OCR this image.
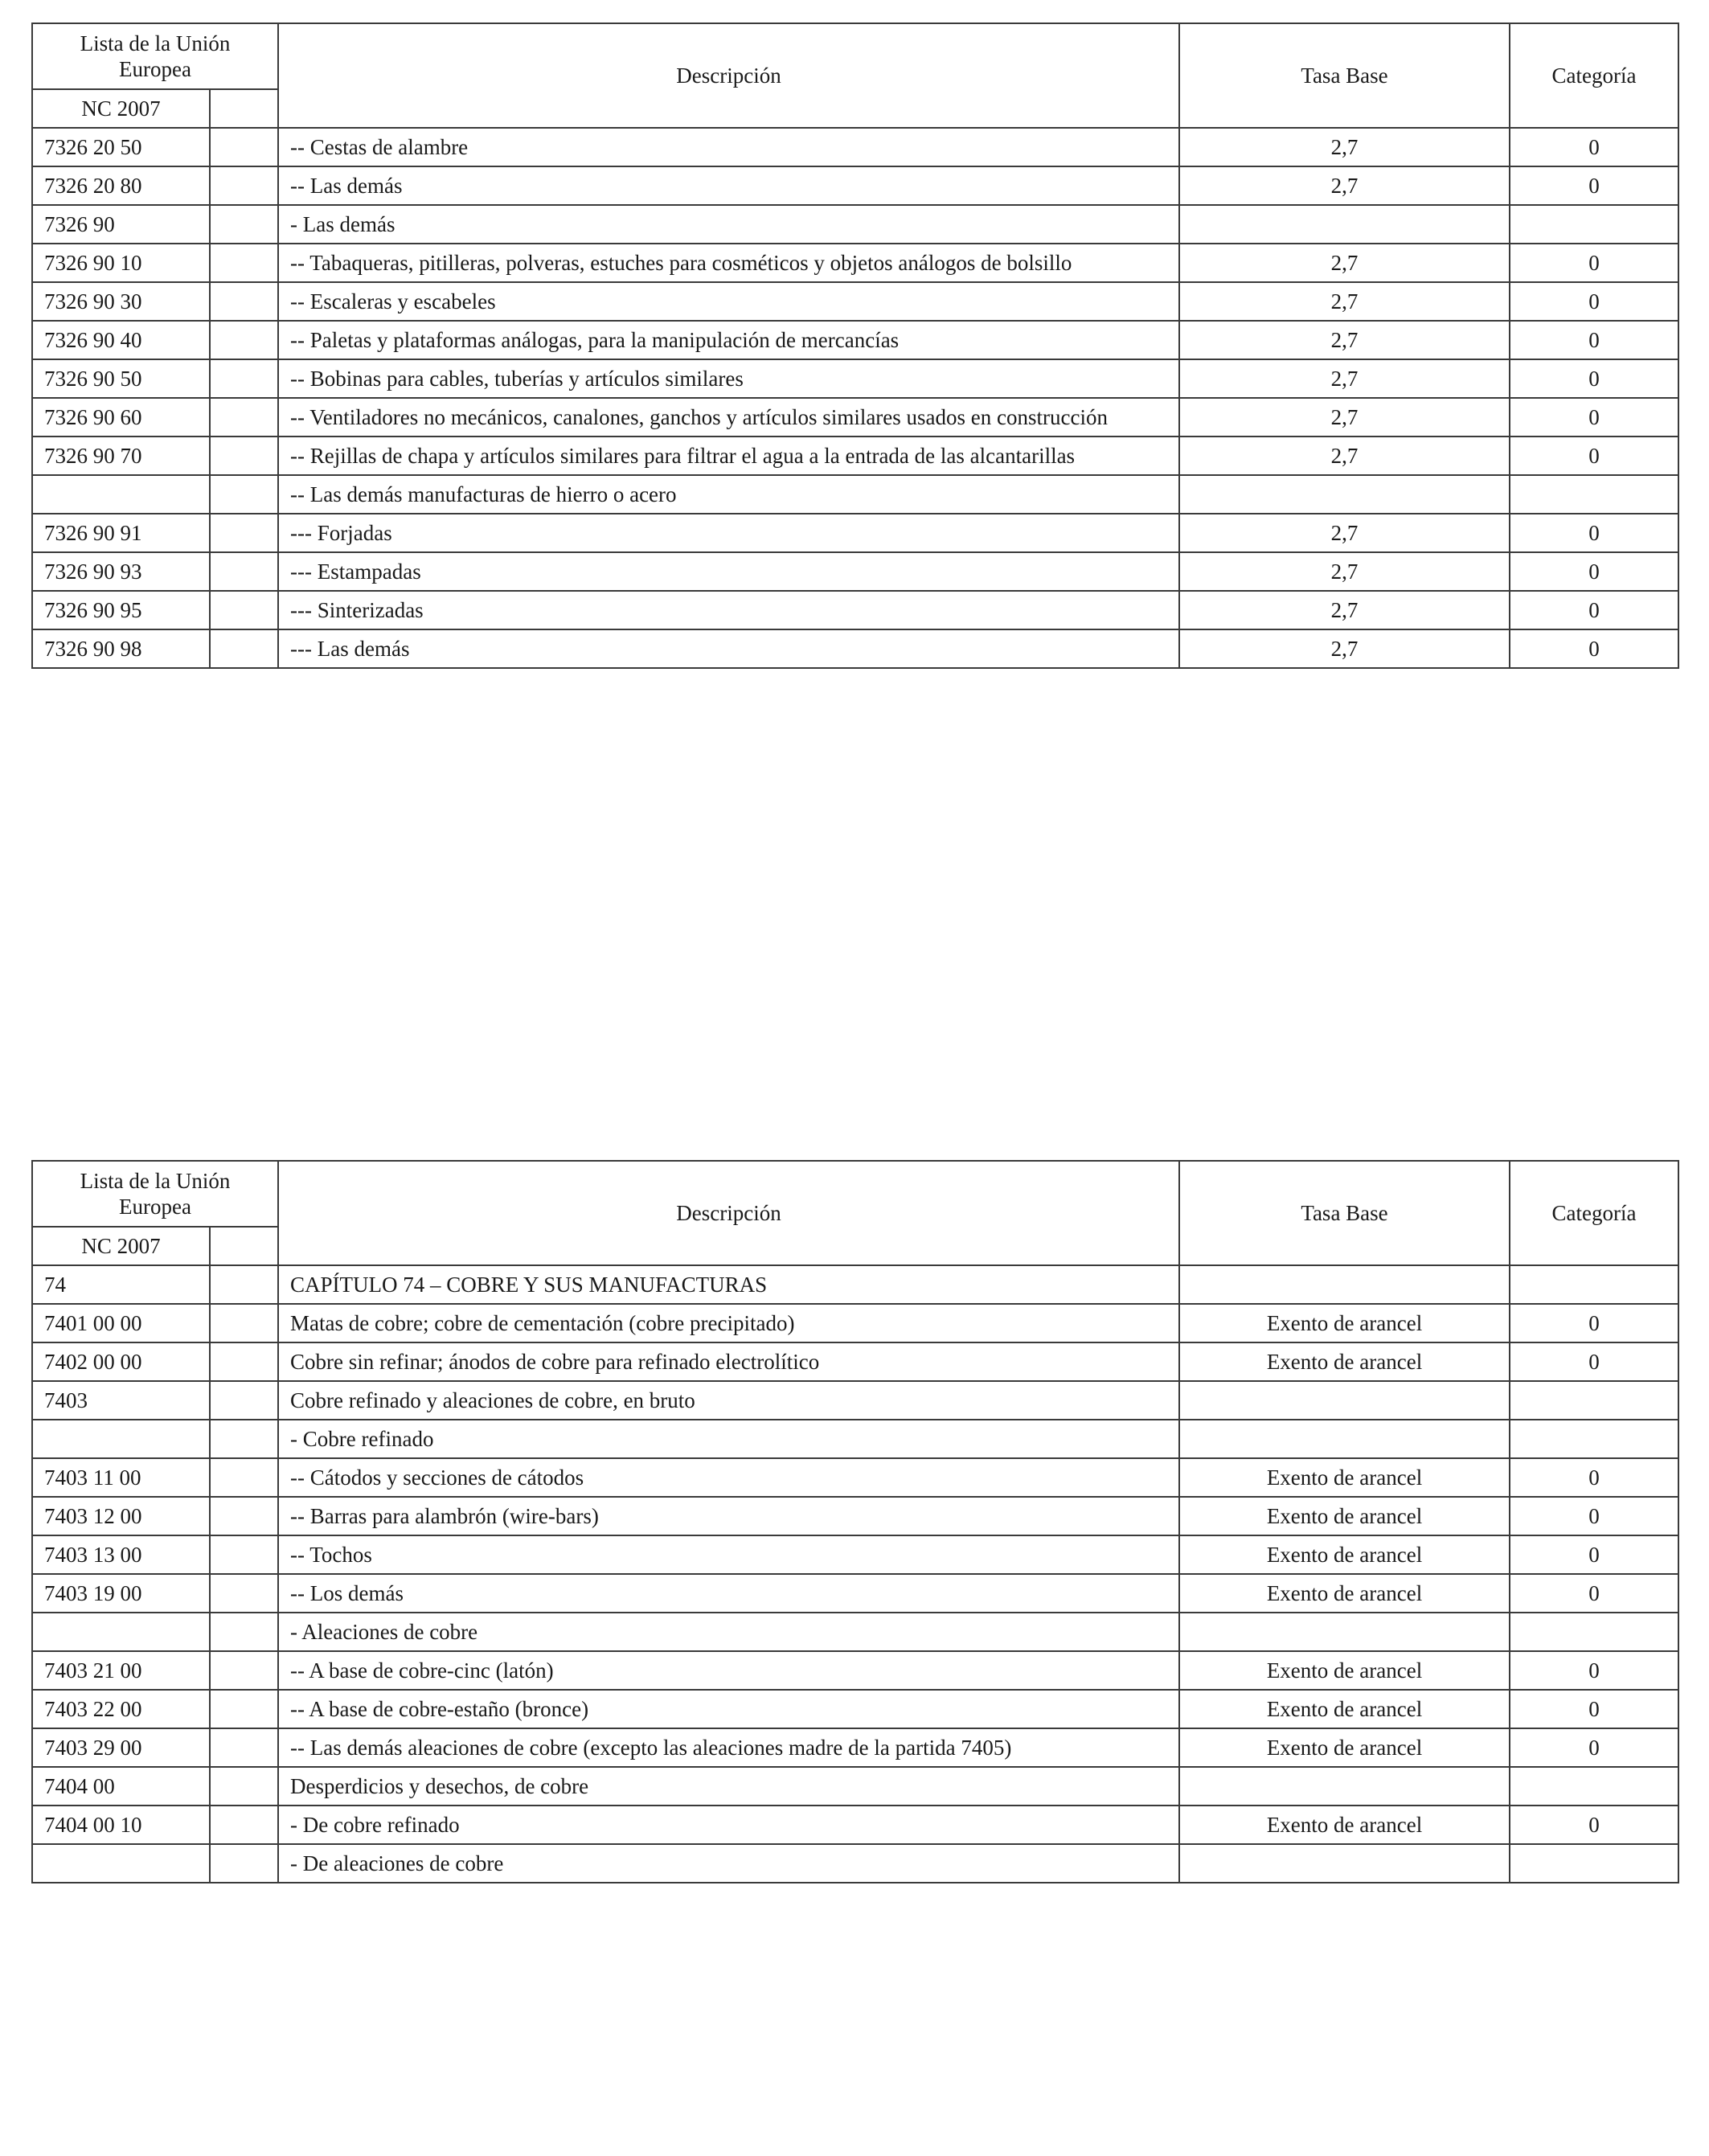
Lista de la Unión Europea		Descripción	Tasa Base	Categoría
NC 2007				
7326 20 50		-- Cestas de alambre	2,7	0
7326 20 80		-- Las demás	2,7	0
7326 90		- Las demás		
7326 90 10		-- Tabaqueras, pitilleras, polveras, estuches para cosméticos y objetos análogos de bolsillo	2,7	0
7326 90 30		-- Escaleras y escabeles	2,7	0
7326 90 40		-- Paletas y plataformas análogas, para la manipulación de mercancías	2,7	0
7326 90 50		-- Bobinas para cables, tuberías y artículos similares	2,7	0
7326 90 60		-- Ventiladores no mecánicos, canalones, ganchos y artículos similares usados en construcción	2,7	0
7326 90 70		-- Rejillas de chapa y artículos similares para filtrar el agua a la entrada de las alcantarillas	2,7	0
		-- Las demás manufacturas de hierro o acero		
7326 90 91		--- Forjadas	2,7	0
7326 90 93		--- Estampadas	2,7	0
7326 90 95		--- Sinterizadas	2,7	0
7326 90 98		--- Las demás	2,7	0
Lista de la Unión Europea		Descripción	Tasa Base	Categoría
NC 2007				
74		CAPÍTULO 74 – COBRE Y SUS MANUFACTURAS		
7401 00 00		Matas de cobre; cobre de cementación (cobre precipitado)	Exento de arancel	0
7402 00 00		Cobre sin refinar; ánodos de cobre para refinado electrolítico	Exento de arancel	0
7403		Cobre refinado y aleaciones de cobre, en bruto		
		- Cobre refinado		
7403 11 00		-- Cátodos y secciones de cátodos	Exento de arancel	0
7403 12 00		-- Barras para alambrón (wire-bars)	Exento de arancel	0
7403 13 00		-- Tochos	Exento de arancel	0
7403 19 00		-- Los demás	Exento de arancel	0
		- Aleaciones de cobre		
7403 21 00		-- A base de cobre-cinc (latón)	Exento de arancel	0
7403 22 00		-- A base de cobre-estaño (bronce)	Exento de arancel	0
7403 29 00		-- Las demás aleaciones de cobre (excepto las aleaciones madre de la partida 7405)	Exento de arancel	0
7404 00		Desperdicios y desechos, de cobre		
7404 00 10		- De cobre refinado	Exento de arancel	0
		- De aleaciones de cobre		
